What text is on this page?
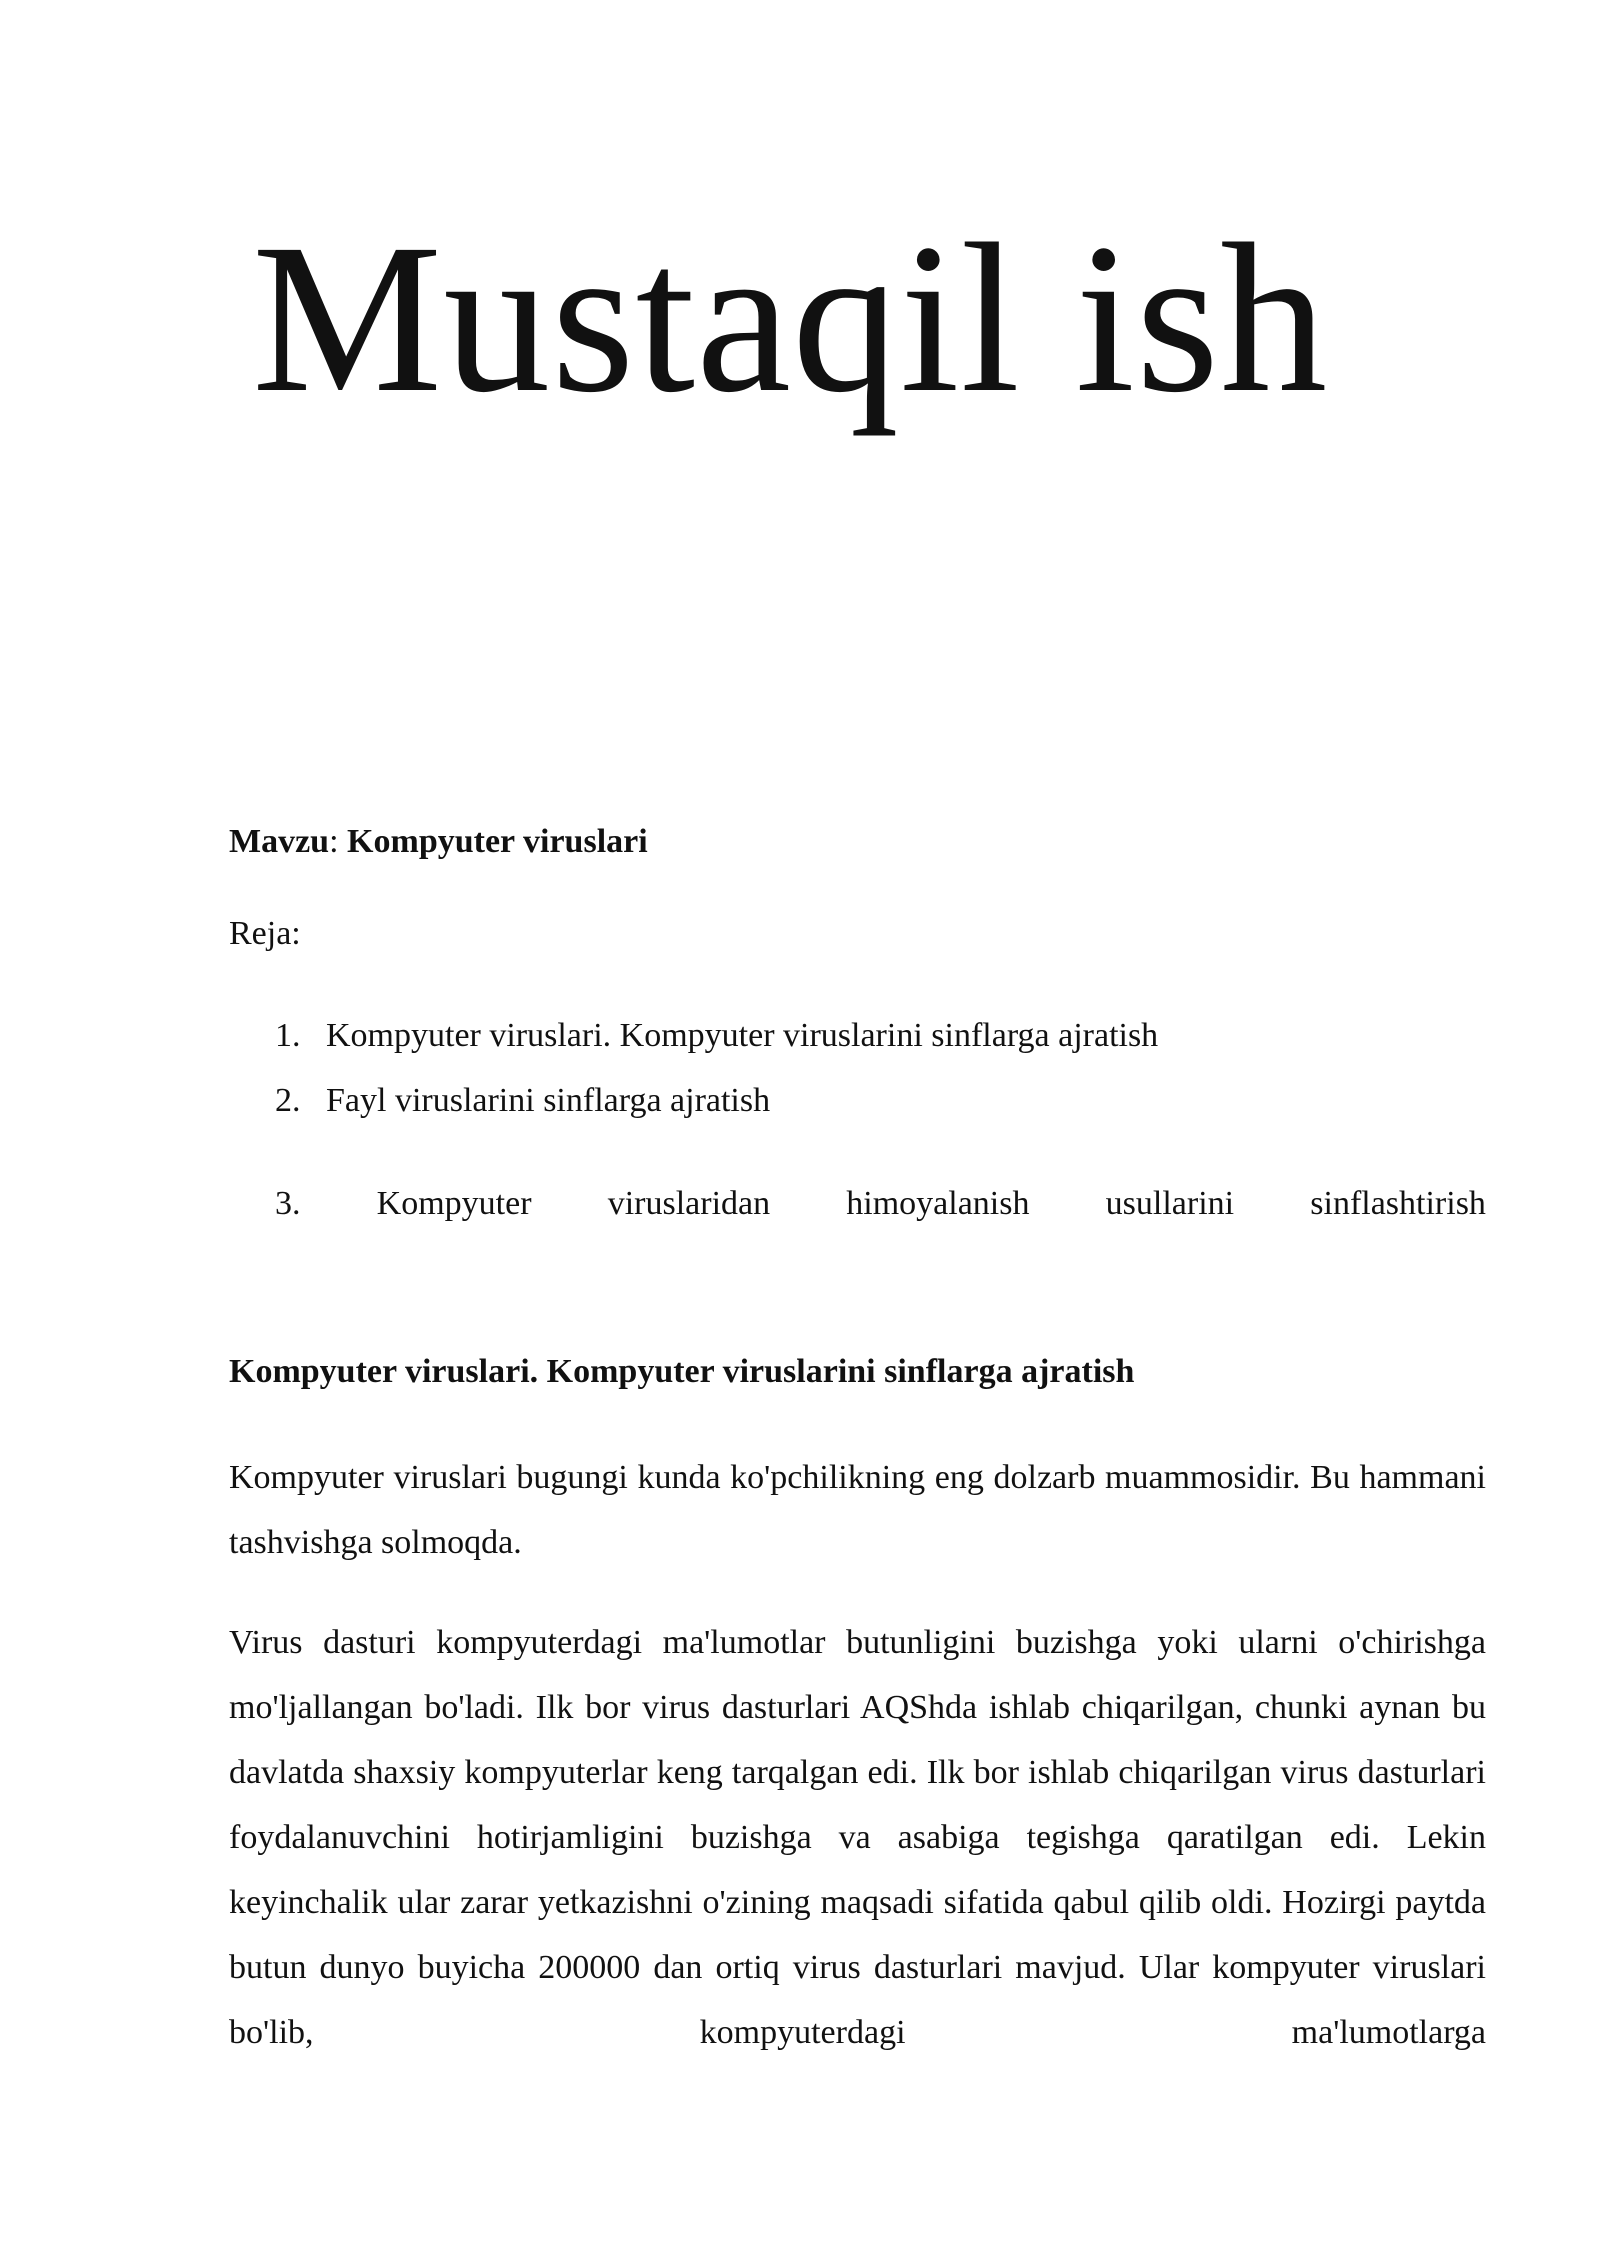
Mustaqil ish

Mavzu: Kompyuter viruslari

Reja:

1. Kompyuter viruslari. Kompyuter viruslarini sinflarga ajratish
2. Fayl viruslarini sinflarga ajratish
3. Kompyuter viruslaridan himoyalanish usullarini sinflashtirish

Kompyuter viruslari. Kompyuter viruslarini sinflarga ajratish

Kompyuter viruslari bugungi kunda ko'pchilikning eng dolzarb muammosidir. Bu hammani tashvishga solmoqda.

Virus dasturi kompyuterdagi ma'lumotlar butunligini buzishga yoki ularni o'chirishga mo'ljallangan bo'ladi. Ilk bor virus dasturlari AQShda ishlab chiqarilgan, chunki aynan bu davlatda shaxsiy kompyuterlar keng tarqalgan edi. Ilk bor ishlab chiqarilgan virus dasturlari foydalanuvchini hotirjamligini buzishga va asabiga tegishga qaratilgan edi. Lekin keyinchalik ular zarar yetkazishni o'zining maqsadi sifatida qabul qilib oldi. Hozirgi paytda butun dunyo buyicha 200000 dan ortiq virus dasturlari mavjud. Ular kompyuter viruslari bo'lib, kompyuterdagi ma'lumotlarga
